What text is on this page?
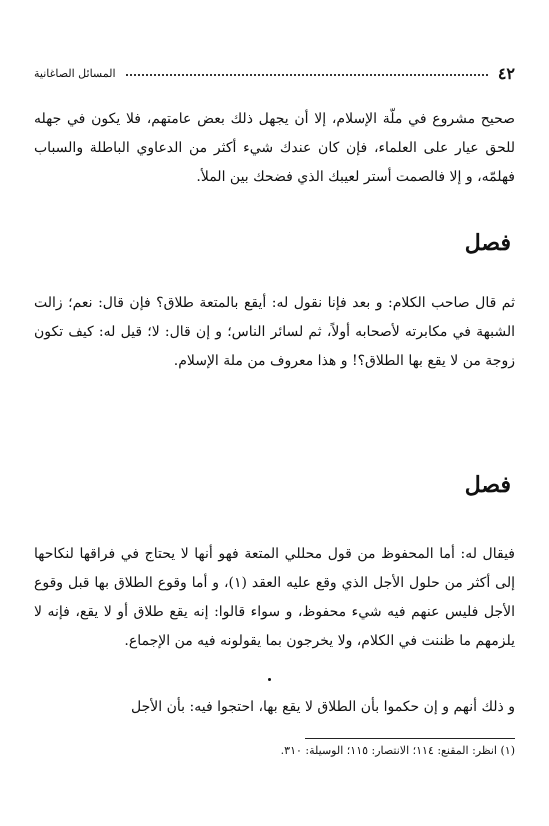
٤٢
المسائل الصاغانية
صحيح مشروع في ملّة الإسلام، إلا أن يجهل ذلك بعض عامتهم، فلا يكون في جهله للحق عيار على العلماء، فإن كان عندك شيء أكثر من الدعاوي الباطلة والسباب فهلمّه، و إلا فالصمت أستر لعيبك الذي فضحك بين الملأ.
فصل
ثم قال صاحب الكلام: و بعد فإنا نقول له: أيقع بالمتعة طلاق؟ فإن قال: نعم؛ زالت الشبهة في مكابرته لأصحابه أولاً، ثم لسائر الناس؛ و إن قال: لا؛ قيل له: كيف تكون زوجة من لا يقع بها الطلاق؟! و هذا معروف من ملة الإسلام.
فصل
فيقال له: أما المحفوظ من قول محللي المتعة فهو أنها لا يحتاج في فراقها لنكاحها إلى أكثر من حلول الأجل الذي وقع عليه العقد (١)، و أما وقوع الطلاق بها قبل وقوع الأجل فليس عنهم فيه شيء محفوظ، و سواء قالوا: إنه يقع طلاق أو لا يقع، فإنه لا يلزمهم ما ظننت في الكلام، ولا يخرجون بما يقولونه فيه من الإجماع.
و ذلك أنهم و إن حكموا بأن الطلاق لا يقع بها، احتجوا فيه: بأن الأجل
(١) انظر: المقنع: ١١٤؛ الانتصار: ١١٥؛ الوسيلة: ٣١٠.
